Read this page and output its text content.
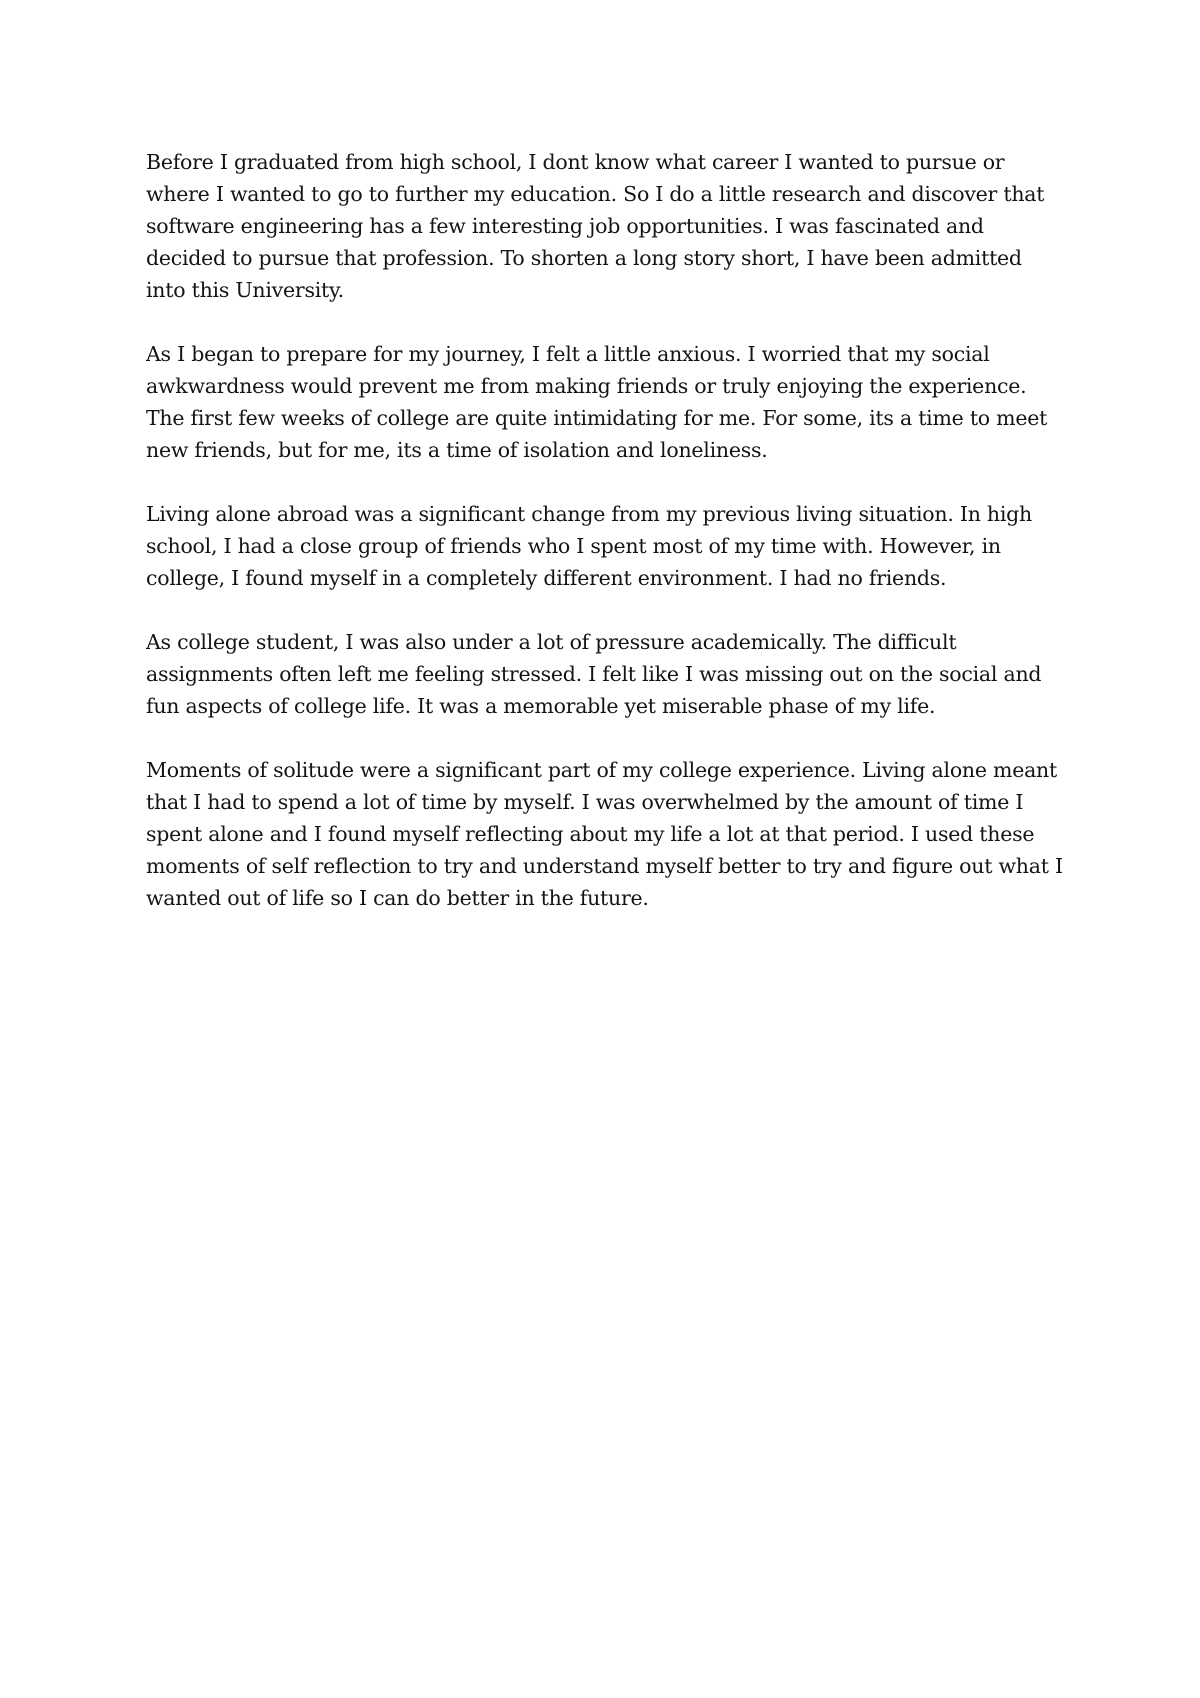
Before I graduated from high school, I dont know what career I wanted to pursue or where I wanted to go to further my education. So I do a little research and discover that software engineering has a few interesting job opportunities. I was fascinated and decided to pursue that profession. To shorten a long story short, I have been admitted into this University.

As I began to prepare for my journey, I felt a little anxious. I worried that my social awkwardness would prevent me from making friends or truly enjoying the experience. The first few weeks of college are quite intimidating for me. For some, its a time to meet new friends, but for me, its a time of isolation and loneliness.

Living alone abroad was a significant change from my previous living situation. In high school, I had a close group of friends who I spent most of my time with. However, in college, I found myself in a completely different environment. I had no friends.

As college student, I was also under a lot of pressure academically. The difficult assignments often left me feeling stressed. I felt like I was missing out on the social and fun aspects of college life. It was a memorable yet miserable phase of my life.

Moments of solitude were a significant part of my college experience. Living alone meant that I had to spend a lot of time by myself. I was overwhelmed by the amount of time I spent alone and I found myself reflecting about my life a lot at that period. I used these moments of self reflection to try and understand myself better to try and figure out what I wanted out of life so I can do better in the future.
